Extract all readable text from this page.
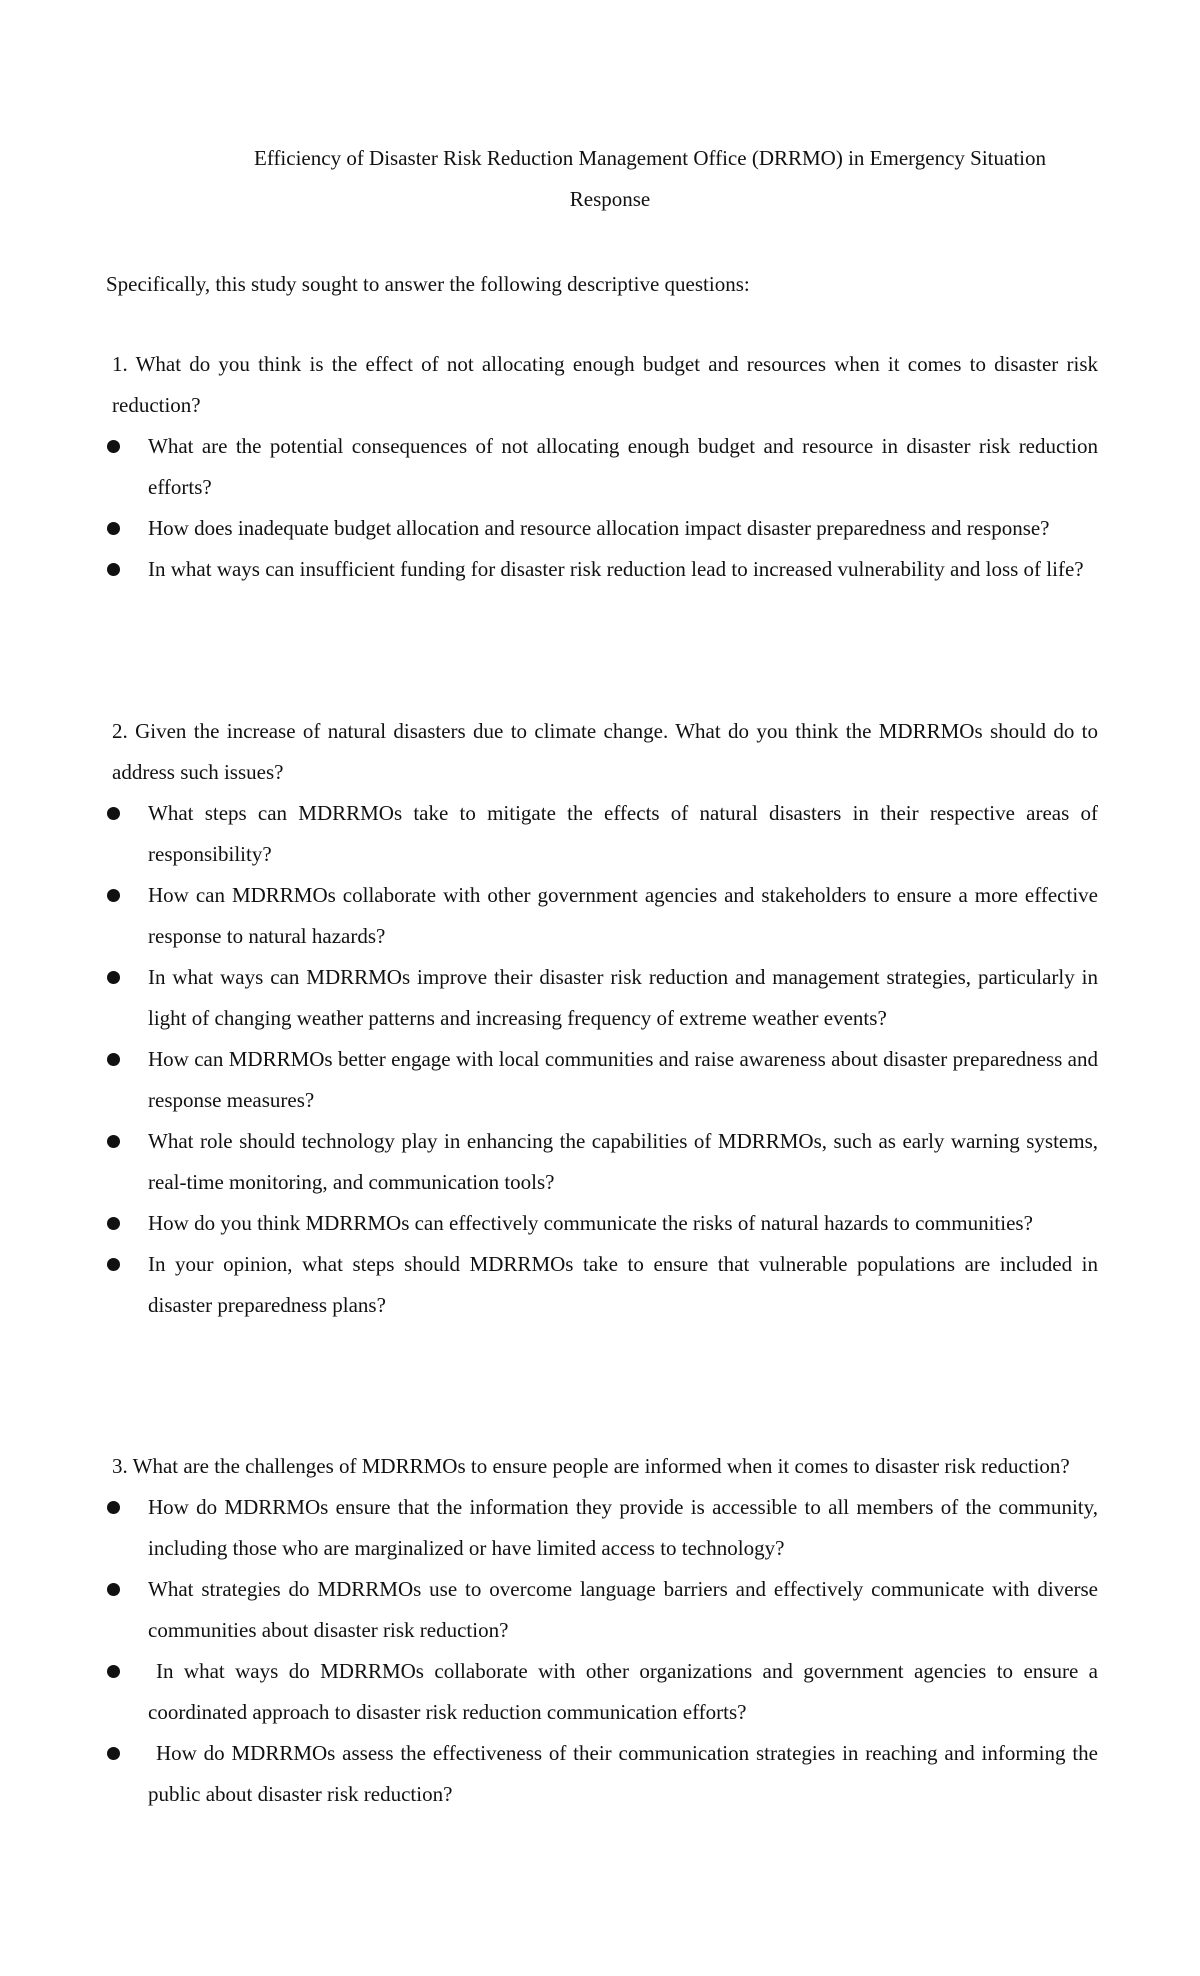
Efficiency of Disaster Risk Reduction Management Office (DRRMO) in Emergency Situation
Response
Specifically, this study sought to answer the following descriptive questions:

1. What do you think is the effect of not allocating enough budget and resources when it comes to disaster risk reduction?

What are the potential consequences of not allocating enough budget and resource in disaster risk reduction efforts?
How does inadequate budget allocation and resource allocation impact disaster preparedness and response?
In what ways can insufficient funding for disaster risk reduction lead to increased vulnerability and loss of life?

2. Given the increase of natural disasters due to climate change. What do you think the MDRRMOs should do to address such issues?

What steps can MDRRMOs take to mitigate the effects of natural disasters in their respective areas of responsibility?
How can MDRRMOs collaborate with other government agencies and stakeholders to ensure a more effective response to natural hazards?
In what ways can MDRRMOs improve their disaster risk reduction and management strategies, particularly in light of changing weather patterns and increasing frequency of extreme weather events?
How can MDRRMOs better engage with local communities and raise awareness about disaster preparedness and response measures?
What role should technology play in enhancing the capabilities of MDRRMOs, such as early warning systems, real-time monitoring, and communication tools?
How do you think MDRRMOs can effectively communicate the risks of natural hazards to communities?
In your opinion, what steps should MDRRMOs take to ensure that vulnerable populations are included in disaster preparedness plans?

3. What are the challenges of MDRRMOs to ensure people are informed when it comes to disaster risk reduction?

How do MDRRMOs ensure that the information they provide is accessible to all members of the community, including those who are marginalized or have limited access to technology?
What strategies do MDRRMOs use to overcome language barriers and effectively communicate with diverse communities about disaster risk reduction?
In what ways do MDRRMOs collaborate with other organizations and government agencies to ensure a coordinated approach to disaster risk reduction communication efforts?
How do MDRRMOs assess the effectiveness of their communication strategies in reaching and informing the public about disaster risk reduction?
